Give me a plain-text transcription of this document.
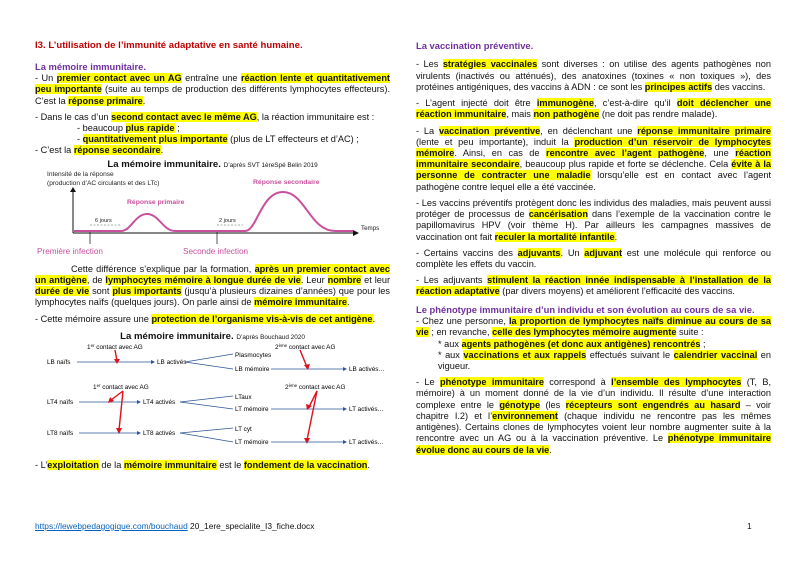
I3. L’utilisation de l’immunité adaptative en santé humaine.
La mémoire immunitaire.

- Un premier contact avec un AG entraîne une réaction lente et quantitativement peu importante (suite au temps de production des différents lymphocytes effecteurs). C’est la réponse primaire.

- Dans le cas d’un second contact avec le même AG, la réaction immunitaire est :

- beaucoup plus rapide ;

- quantitativement plus importante (plus de LT effecteurs et d’AC) ;

- C’est la réponse secondaire.

La mémoire immunitaire. D’après SVT 1èreSpé Belin 2019

Intensité de la réponse
(production d’AC circulants et des LTc)
Temps
Réponse primaire
Réponse secondaire
6 jours	2 jours
Première infection	Seconde infection

Cette différence s’explique par la formation, après un premier contact avec un antigène, de lymphocytes mémoire à longue durée de vie. Leur nombre et leur durée de vie sont plus importants (jusqu’à plusieurs dizaines d’années) que pour les lymphocytes naïfs (quelques jours). On parle ainsi de mémoire immunitaire.

- Cette mémoire assure une protection de l’organisme vis-à-vis de cet antigène.

La mémoire immunitaire. D’après Bouchaud 2020

1er contact avec AG	2ème contact avec AG
LB naïfs	LB activés
Plasmocytes
LB mémoire	LB activés…
1er contact avec AG	2ème contact avec AG
LT4 naïfs	LT4 activés
LTaux
LT mémoire	LT activés…
LT8 naïfs	LT8 activés
LT cyt
LT mémoire	LT activés…

- L’exploitation de la mémoire immunitaire est le fondement de la vaccination.

La vaccination préventive.

- Les stratégies vaccinales sont diverses : on utilise des agents pathogènes non virulents (inactivés ou atténués), des anatoxines (toxines « non toxiques »), des protéines antigéniques, des vaccins à ADN : ce sont les principes actifs des vaccins.

- L’agent injecté doit être immunogène, c’est-à-dire qu’il doit déclencher une réaction immunitaire, mais non pathogène (ne doit pas rendre malade).

- La vaccination préventive, en déclenchant une réponse immunitaire primaire (lente et peu importante), induit la production d’un réservoir de lymphocytes mémoire. Ainsi, en cas de rencontre avec l’agent pathogène, une réaction immunitaire secondaire, beaucoup plus rapide et forte se déclenche. Cela évite à la personne de contracter une maladie lorsqu’elle est en contact avec l’agent pathogène contre lequel elle a été vaccinée.

- Les vaccins préventifs protègent donc les individus des maladies, mais peuvent aussi protéger de processus de cancérisation dans l’exemple de la vaccination contre le papillomavirus HPV (voir thème H). Par ailleurs les campagnes massives de vaccination ont fait reculer la mortalité infantile.

- Certains vaccins des adjuvants. Un adjuvant est une molécule qui renforce ou complète les effets du vaccin.

- Les adjuvants stimulent la réaction innée indispensable à l’installation de la réaction adaptative (par divers moyens) et améliorent l’efficacité des vaccins.

Le phénotype immunitaire d’un individu et son évolution au cours de sa vie.

- Chez une personne, la proportion de lymphocytes naïfs diminue au cours de sa vie ; en revanche, celle des lymphocytes mémoire augmente suite :

* aux agents pathogènes (et donc aux antigènes) rencontrés ;

* aux vaccinations et aux rappels effectués suivant le calendrier vaccinal en vigueur.

- Le phénotype immunitaire correspond à l’ensemble des lymphocytes (T, B, mémoire) à un moment donné de la vie d’un individu. Il résulte d’une interaction complexe entre le génotype (les récepteurs sont engendrés au hasard – voir chapitre I.2) et l’environnement (chaque individu ne rencontre pas les mêmes antigènes). Certains clones de lymphocytes voient leur nombre augmenter suite à la rencontre avec un AG ou à la vaccination préventive. Le phénotype immunitaire évolue donc au cours de la vie.

https://lewebpedagogique.com/bouchaud 20_1ere_specialite_I3_fiche.docx	1
